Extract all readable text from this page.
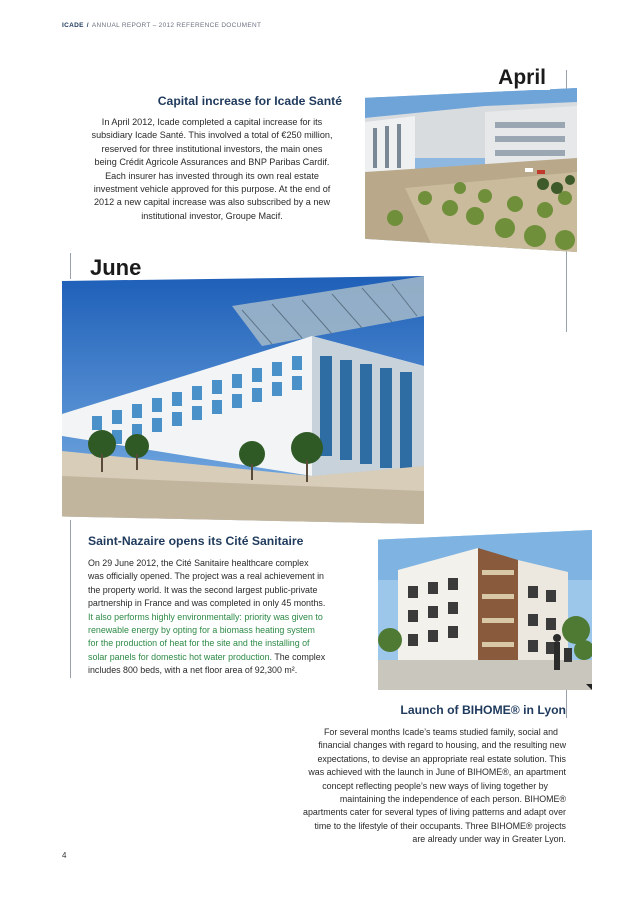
ICADE / ANNUAL REPORT – 2012 REFERENCE DOCUMENT
April
June
Capital increase for Icade Santé
In April 2012, Icade completed a capital increase for its
subsidiary Icade Santé. This involved a total of €250 million,
reserved for three institutional investors, the main ones
being Crédit Agricole Assurances and BNP Paribas Cardif.
Each insurer has invested through its own real estate
investment vehicle approved for this purpose. At the end of
2012 a new capital increase was also subscribed by a new
institutional investor, Groupe Macif.
Saint-Nazaire opens its Cité Sanitaire
On 29 June 2012, the Cité Sanitaire healthcare complex
was officially opened. The project was a real achievement in
the property world. It was the second largest public-private
partnership in France and was completed in only 45 months.
It also performs highly environmentally: priority was given to
renewable energy by opting for a biomass heating system
for the production of heat for the site and the installing of
solar panels for domestic hot water production. The complex
includes 800 beds, with a net floor area of 92,300 m².
Launch of BIHOME® in Lyon
For several months Icade’s teams studied family, social and
financial changes with regard to housing, and the resulting new
expectations, to devise an appropriate real estate solution. This
was achieved with the launch in June of BIHOME®, an apartment
concept reflecting people’s new ways of living together by
maintaining the independence of each person. BIHOME®
apartments cater for several types of living patterns and adapt over
time to the lifestyle of their occupants. Three BIHOME® projects
are already under way in Greater Lyon.
4
